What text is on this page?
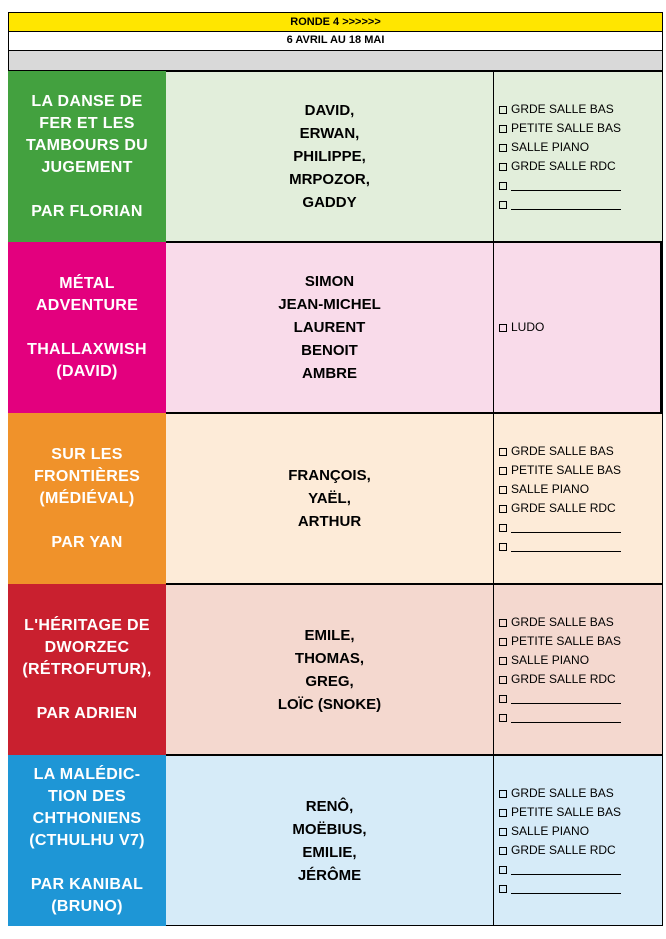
RONDE 4 >>>>>>
6 AVRIL AU 18 MAI
LA DANSE DE
FER ET LES
TAMBOURS DU
JUGEMENT
PAR FLORIAN
DAVID,
ERWAN,
PHILIPPE,
MRPOZOR,
GADDY
GRDE SALLE BAS
PETITE SALLE BAS
SALLE PIANO
GRDE SALLE RDC
MÉTAL
ADVENTURE
THALLAXWISH
(DAVID)
SIMON
JEAN-MICHEL
LAURENT
BENOIT
AMBRE
LUDO
SUR LES
FRONTIÈRES
(MÉDIÉVAL)
PAR YAN
FRANÇOIS,
YAËL,
ARTHUR
GRDE SALLE BAS
PETITE SALLE BAS
SALLE PIANO
GRDE SALLE RDC
L'HÉRITAGE DE
DWORZEC
(RÉTROFUTUR),
PAR ADRIEN
EMILE,
THOMAS,
GREG,
LOÏC (SNOKE)
GRDE SALLE BAS
PETITE SALLE BAS
SALLE PIANO
GRDE SALLE RDC
LA MALÉDIC-
TION DES
CHTHONIENS
(CTHULHU V7)
PAR KANIBAL
(BRUNO)
RENÔ,
MOËBIUS,
EMILIE,
JÉRÔME
GRDE SALLE BAS
PETITE SALLE BAS
SALLE PIANO
GRDE SALLE RDC
